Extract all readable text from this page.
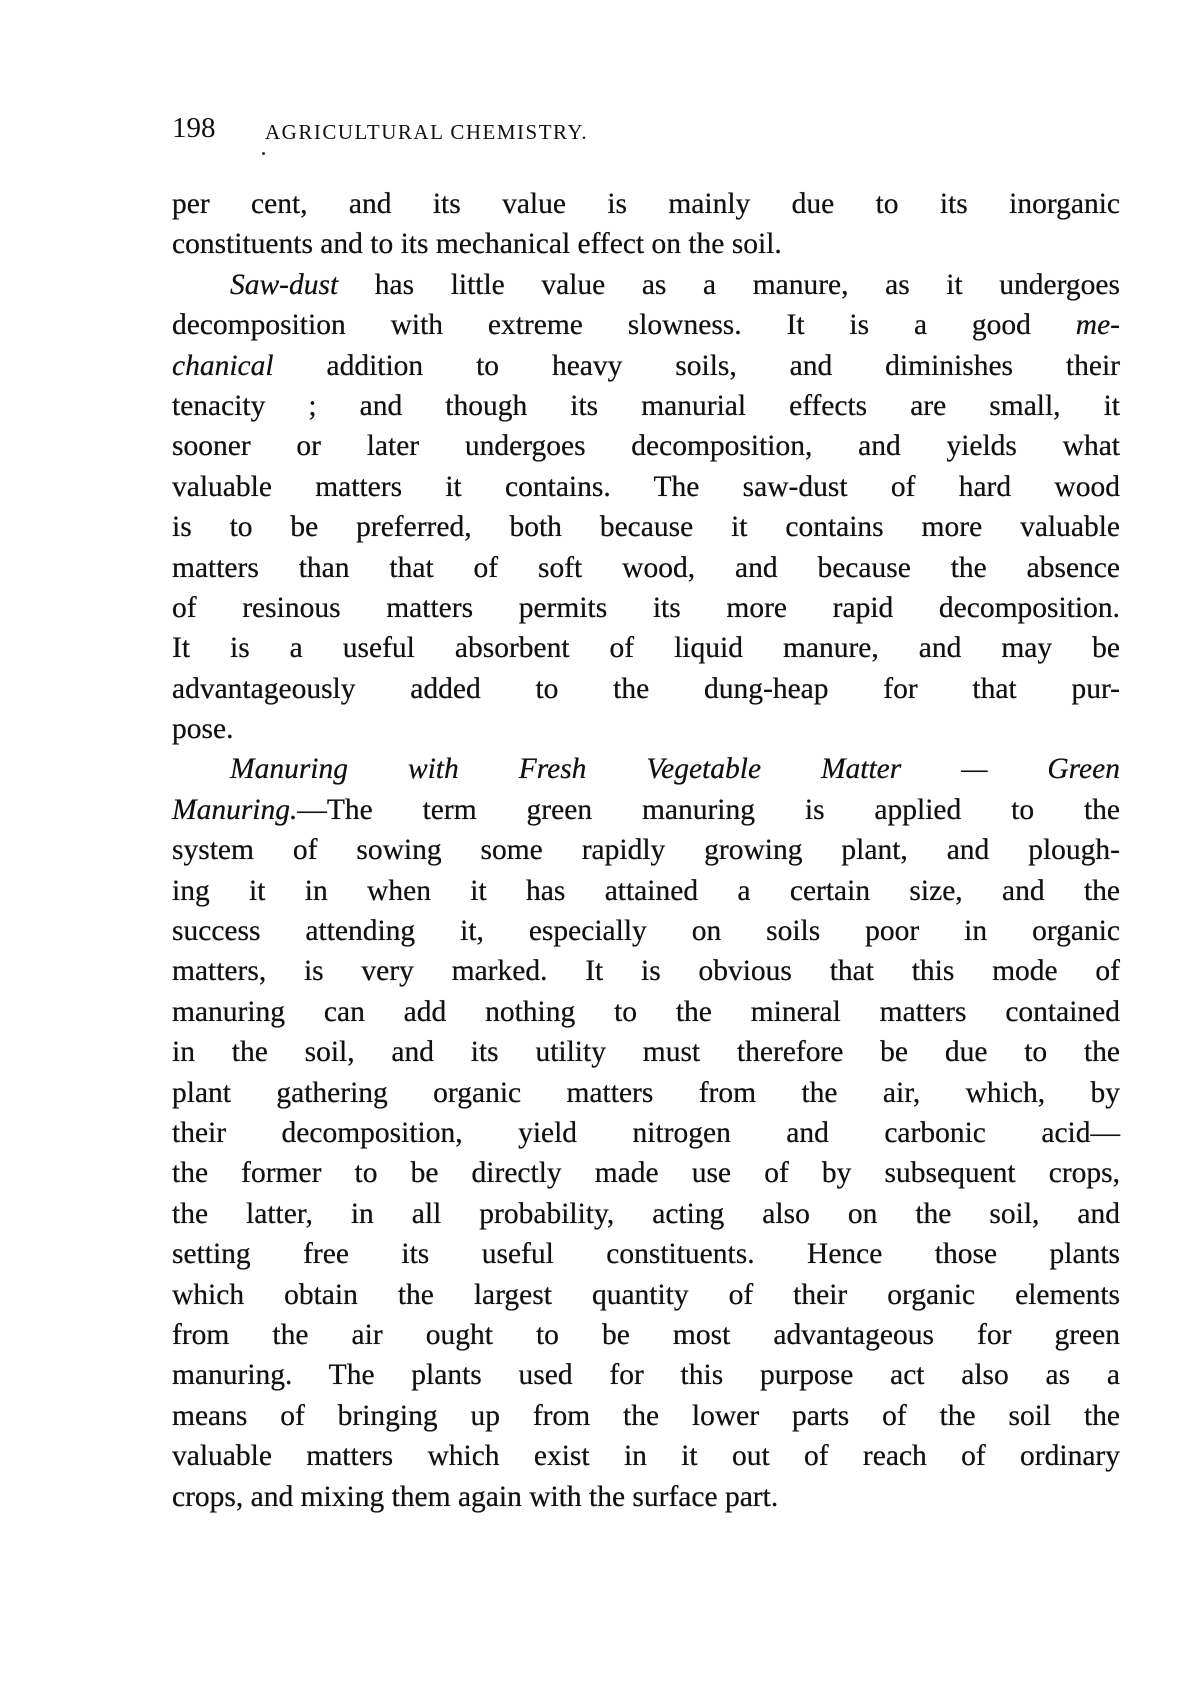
198 AGRICULTURAL CHEMISTRY.
per cent, and its value is mainly due to its inorganic
constituents and to its mechanical effect on the soil.
Saw-dust has little value as a manure, as it undergoes
decomposition with extreme slowness. It is a good me-
chanical addition to heavy soils, and diminishes their
tenacity ; and though its manurial effects are small, it
sooner or later undergoes decomposition, and yields what
valuable matters it contains. The saw-dust of hard wood
is to be preferred, both because it contains more valuable
matters than that of soft wood, and because the absence
of resinous matters permits its more rapid decomposition.
It is a useful absorbent of liquid manure, and may be
advantageously added to the dung-heap for that pur-
pose.
Manuring with Fresh Vegetable Matter — Green
Manuring.—The term green manuring is applied to the
system of sowing some rapidly growing plant, and plough-
ing it in when it has attained a certain size, and the
success attending it, especially on soils poor in organic
matters, is very marked. It is obvious that this mode of
manuring can add nothing to the mineral matters contained
in the soil, and its utility must therefore be due to the
plant gathering organic matters from the air, which, by
their decomposition, yield nitrogen and carbonic acid—
the former to be directly made use of by subsequent crops,
the latter, in all probability, acting also on the soil, and
setting free its useful constituents. Hence those plants
which obtain the largest quantity of their organic elements
from the air ought to be most advantageous for green
manuring. The plants used for this purpose act also as a
means of bringing up from the lower parts of the soil the
valuable matters which exist in it out of reach of ordinary
crops, and mixing them again with the surface part.
